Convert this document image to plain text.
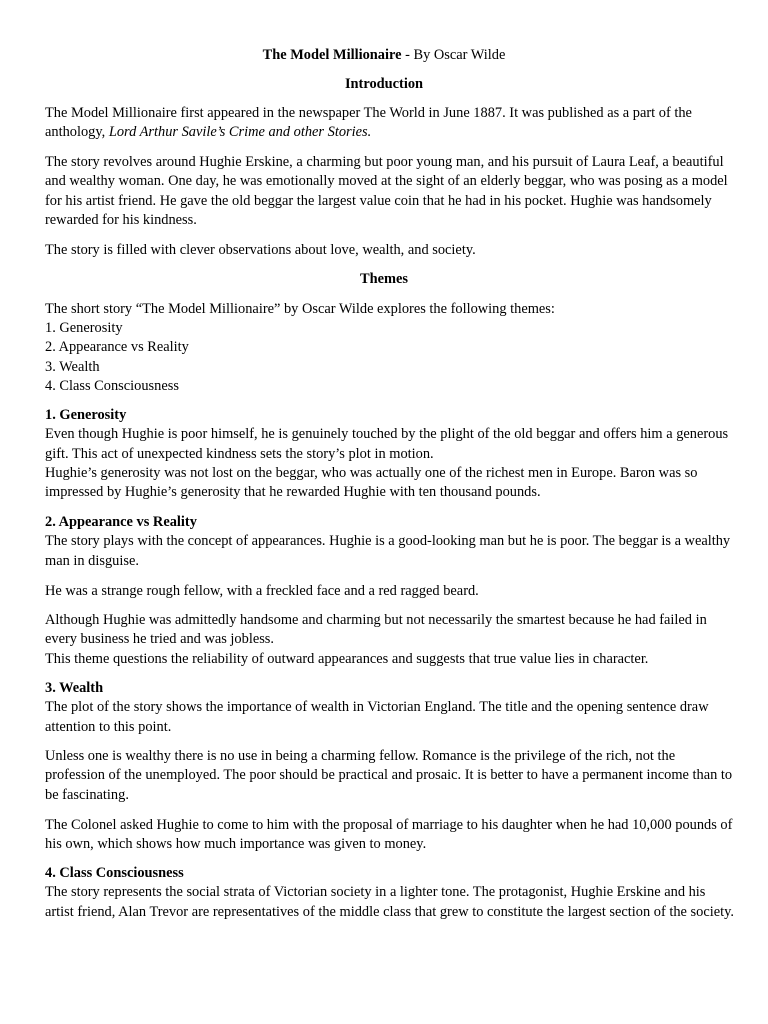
The Model Millionaire - By Oscar Wilde

Introduction

The Model Millionaire first appeared in the newspaper The World in June 1887. It was published as a part of the anthology, Lord Arthur Savile’s Crime and other Stories.

The story revolves around Hughie Erskine, a charming but poor young man, and his pursuit of Laura Leaf, a beautiful and wealthy woman. One day, he was emotionally moved at the sight of an elderly beggar, who was posing as a model for his artist friend. He gave the old beggar the largest value coin that he had in his pocket. Hughie was handsomely rewarded for his kindness.

The story is filled with clever observations about love, wealth, and society.

Themes

The short story “The Model Millionaire” by Oscar Wilde explores the following themes:

1. Generosity
2. Appearance vs Reality
3. Wealth
4. Class Consciousness
1. Generosity
Even though Hughie is poor himself, he is genuinely touched by the plight of the old beggar and offers him a generous gift. This act of unexpected kindness sets the story’s plot in motion.
Hughie’s generosity was not lost on the beggar, who was actually one of the richest men in Europe. Baron was so impressed by Hughie’s generosity that he rewarded Hughie with ten thousand pounds.
2. Appearance vs Reality
The story plays with the concept of appearances. Hughie is a good-looking man but he is poor. The beggar is a wealthy man in disguise.

He was a strange rough fellow, with a freckled face and a red ragged beard.

Although Hughie was admittedly handsome and charming but not necessarily the smartest because he had failed in every business he tried and was jobless.
This theme questions the reliability of outward appearances and suggests that true value lies in character.
3. Wealth
The plot of the story shows the importance of wealth in Victorian England. The title and the opening sentence draw attention to this point.

Unless one is wealthy there is no use in being a charming fellow. Romance is the privilege of the rich, not the profession of the unemployed. The poor should be practical and prosaic. It is better to have a permanent income than to be fascinating.

The Colonel asked Hughie to come to him with the proposal of marriage to his daughter when he had 10,000 pounds of his own, which shows how much importance was given to money.

4. Class Consciousness
The story represents the social strata of Victorian society in a lighter tone. The protagonist, Hughie Erskine and his artist friend, Alan Trevor are representatives of the middle class that grew to constitute the largest section of the society.
